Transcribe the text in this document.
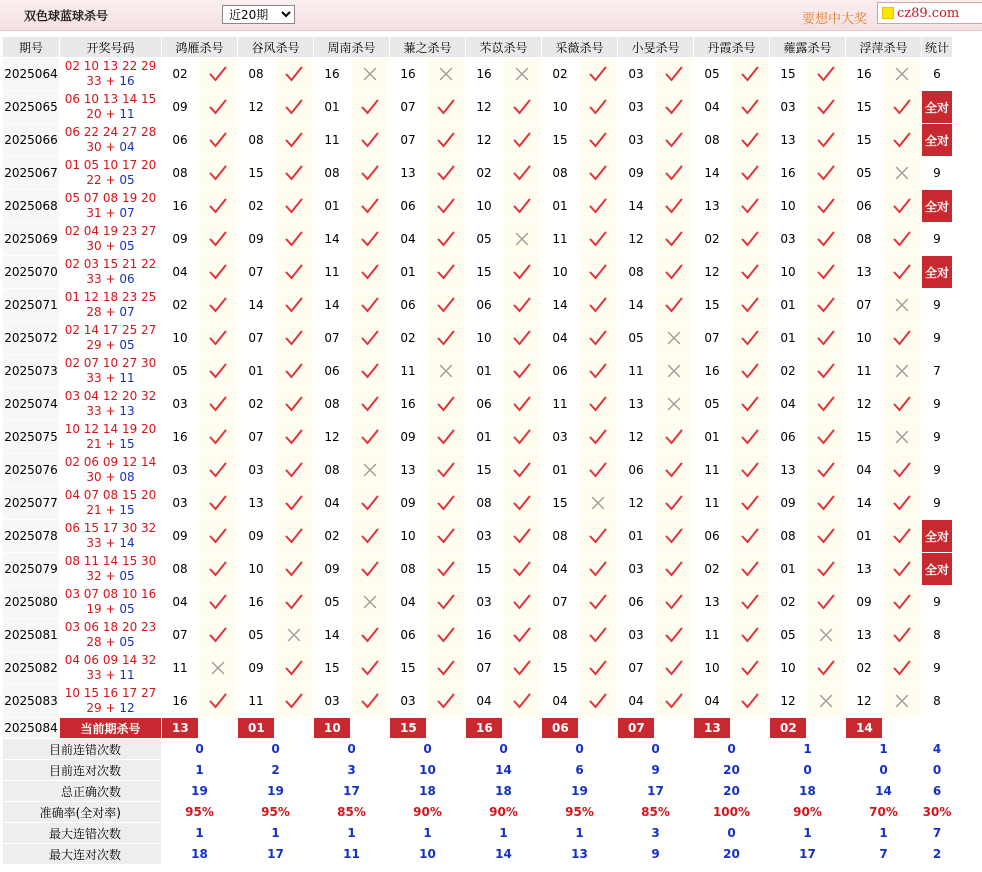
双色球蓝球杀号
近20期	要想中大奖 cz89.com
期号	开奖号码	鸿雁杀号		谷风杀号		周南杀号		蒹之杀号		芣苡杀号		采薇杀号		小旻杀号		丹霞杀号		蕹露杀号		浮萍杀号		统计
2025064	02 10 13 22 29
33 + 16	02		08		16		16		16		02		03		05		15		16		6
2025065	06 10 13 14 15
20 + 11	09		12		01		07		12		10		03		04		03		15		全对
2025066	06 22 24 27 28
30 + 04	06		08		11		07		12		15		03		08		13		15		全对
2025067	01 05 10 17 20
22 + 05	08		15		08		13		02		08		09		14		16		05		9
2025068	05 07 08 19 20
31 + 07	16		02		01		06		10		01		14		13		10		06		全对
2025069	02 04 19 23 27
30 + 05	09		09		14		04		05		11		12		02		03		08		9
2025070	02 03 15 21 22
33 + 06	04		07		11		01		15		10		08		12		10		13		全对
2025071	01 12 18 23 25
28 + 07	02		14		14		06		06		14		14		15		01		07		9
2025072	02 14 17 25 27
29 + 05	10		07		07		02		10		04		05		07		01		10		9
2025073	02 07 10 27 30
33 + 11	05		01		06		11		01		06		11		16		02		11		7
2025074	03 04 12 20 32
33 + 13	03		02		08		16		06		11		13		05		04		12		9
2025075	10 12 14 19 20
21 + 15	16		07		12		09		01		03		12		01		06		15		9
2025076	02 06 09 12 14
30 + 08	03		03		08		13		15		01		06		11		13		04		9
2025077	04 07 08 15 20
21 + 15	03		13		04		09		08		15		12		11		09		14		9
2025078	06 15 17 30 32
33 + 14	09		09		02		10		03		08		01		06		08		01		全对
2025079	08 11 14 15 30
32 + 05	08		10		09		08		15		04		03		02		01		13		全对
2025080	03 07 08 10 16
19 + 05	04		16		05		04		03		07		06		13		02		09		9
2025081	03 06 18 20 23
28 + 05	07		05		14		06		16		08		03		11		05		13		8
2025082	04 06 09 14 32
33 + 11	11		09		15		15		07		15		07		10		10		02		9
2025083	10 15 16 17 27
29 + 12	16		11		03		03		04		04		04		04		12		12		8
2025084	当前期杀号	13		01		10		15		16		06		07		13		02		14		
目前连错次数		0		0		0		0		0		0		0		0		1		1		4
目前连对次数		1		2		3		10		14		6		9		20		0		0		0
总正确次数		19		19		17		18		18		19		17		20		18		14		6
准确率(全对率)		95%		95%		85%		90%		90%		95%		85%		100%		90%		70%		30%
最大连错次数		1		1		1		1		1		1		3		0		1		1		7
最大连对次数		18		17		11		10		14		13		9		20		17		7		2
